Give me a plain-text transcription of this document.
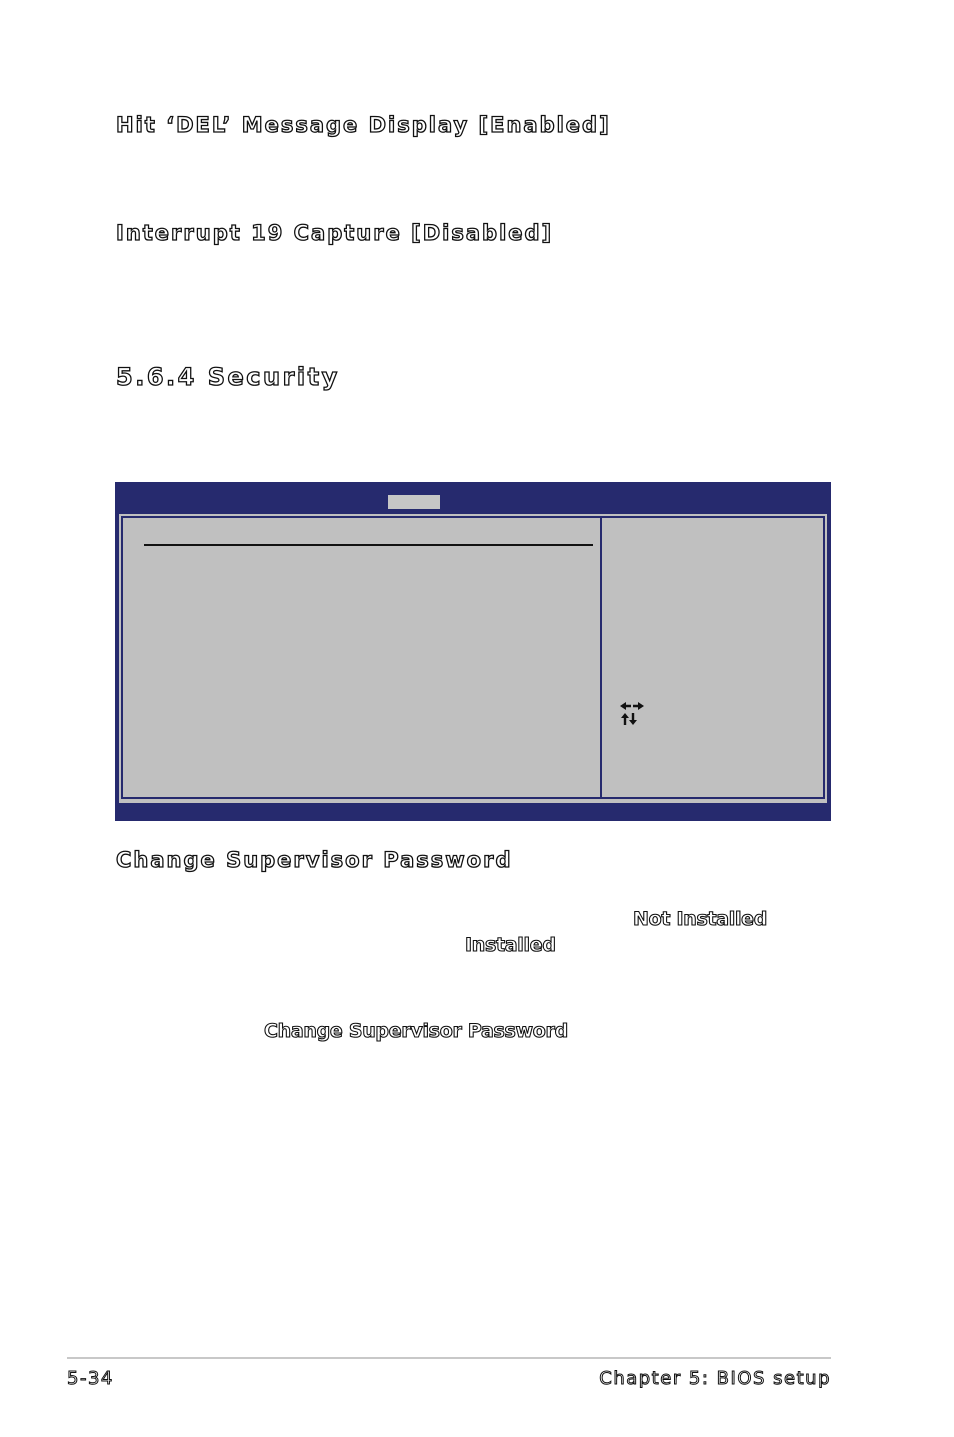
Hit ‘DEL’ Message Display [Enabled]
Interrupt 19 Capture [Disabled]
5.6.4 Security
Change Supervisor Password
Not Installed
Installed
Change Supervisor Password
5-34	Chapter 5: BIOS setup
